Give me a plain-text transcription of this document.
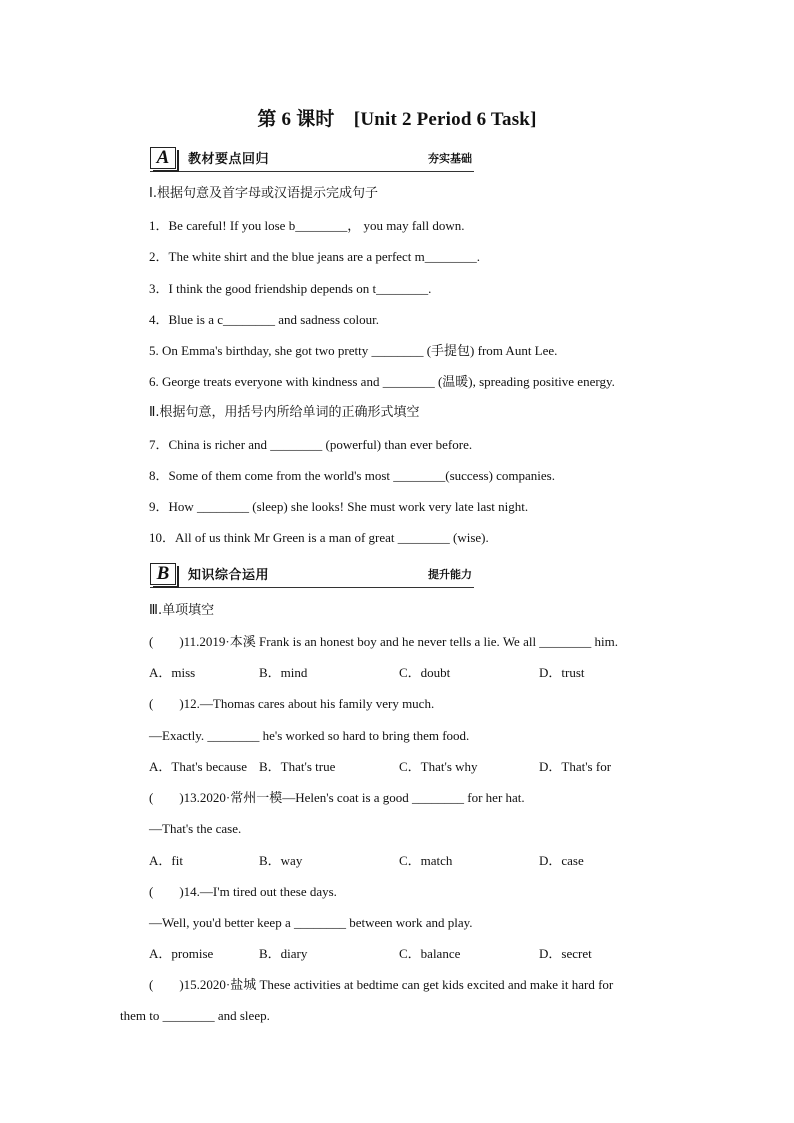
第 6 课时　[Unit 2 Period 6 Task]
A	教材要点回归	夯实基础
Ⅰ.根据句意及首字母或汉语提示完成句子
1．Be careful! If you lose b________， you may fall down.
2．The white shirt and the blue jeans are a perfect m________.
3．I think the good friendship depends on t________.
4．Blue is a c________ and sadness colour.
5. On Emma's birthday, she got two pretty ________ (手提包) from Aunt Lee.
6. George treats everyone with kindness and ________ (温暖), spreading positive energy.
Ⅱ.根据句意，用括号内所给单词的正确形式填空
7．China is richer and ________ (powerful) than ever before.
8．Some of them come from the world's most ________(success) companies.
9．How ________ (sleep) she looks! She must work very late last night.
10．All of us think Mr Green is a man of great ________ (wise).
B	知识综合运用	提升能力
Ⅲ.单项填空
(　　)11.2019·本溪 Frank is an honest boy and he never tells a lie. We all ________ him.
A．miss	B．mind	C．doubt	D．trust
(　　)12.—Thomas cares about his family very much.
—Exactly. ________ he's worked so hard to bring them food.
A．That's because B．That's true	C．That's why	D．That's for
(　　)13.2020·常州一模—Helen's coat is a good ________ for her hat.
—That's the case.
A．fit	B．way	C．match	D．case
(　　)14.—I'm tired out these days.
—Well, you'd better keep a ________ between work and play.
A．promise	B．diary	C．balance	D．secret
(　　)15.2020·盐城 These activities at bedtime can get kids excited and make it hard for
them to ________ and sleep.
